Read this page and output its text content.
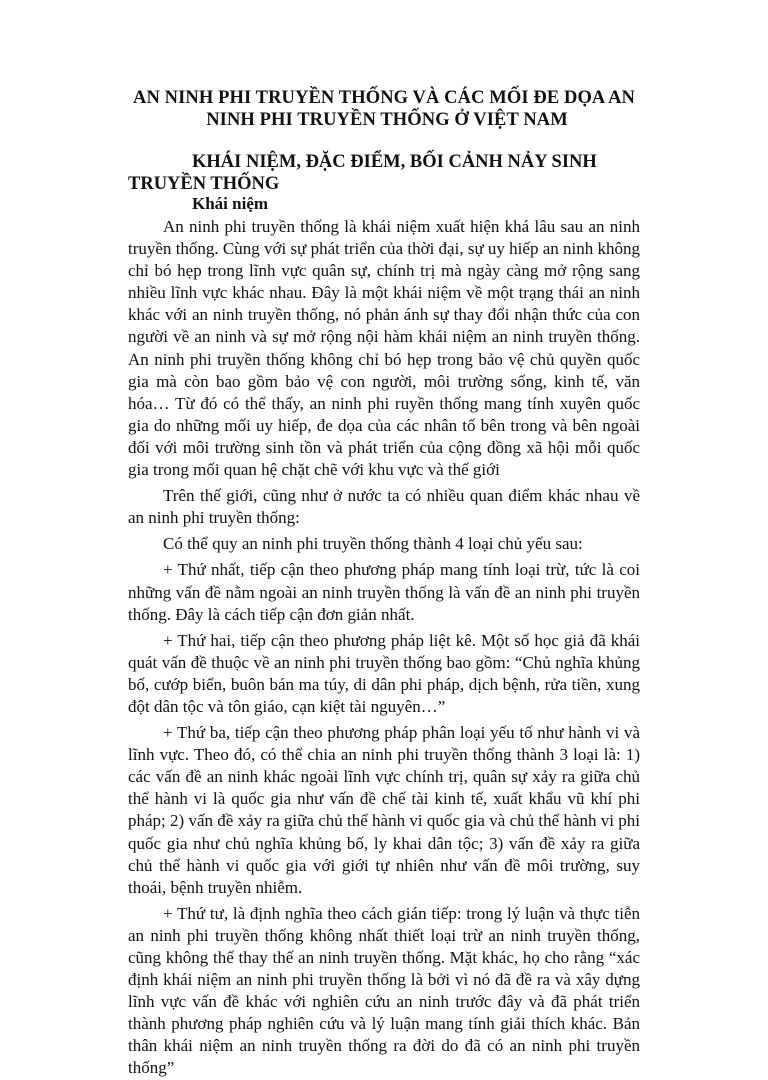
AN NINH PHI TRUYỀN THỐNG VÀ CÁC MỐI ĐE DỌA AN
NINH PHI TRUYỀN THỐNG Ở VIỆT NAM
KHÁI NIỆM, ĐẶC ĐIỂM, BỐI CẢNH NẢY SINH
TRUYỀN THỐNG
Khái niệm

An ninh phi truyền thống là khái niệm xuất hiện khá lâu sau an ninh truyền thống. Cùng với sự phát triển của thời đại, sự uy hiếp an ninh không chỉ bó hẹp trong lĩnh vực quân sự, chính trị mà ngày càng mở rộng sang nhiều lĩnh vực khác nhau. Đây là một khái niệm về một trạng thái an ninh khác với an ninh truyền thống, nó phản ánh sự thay đổi nhận thức của con người về an ninh và sự mở rộng nội hàm khái niệm an ninh truyền thống. An ninh phi truyền thống không chỉ bó hẹp trong bảo vệ chủ quyền quốc gia mà còn bao gồm bảo vệ con người, môi trường sống, kinh tế, văn hóa… Từ đó có thể thấy, an ninh phi ruyền thống mang tính xuyên quốc gia do những mối uy hiếp, đe dọa của các nhân tố bên trong và bên ngoài đối với môi trường sinh tồn và phát triển của cộng đồng xã hội mỗi quốc gia trong mối quan hệ chặt chẽ với khu vực và thế giới

Trên thế giới, cũng như ở nước ta có nhiều quan điểm khác nhau về an ninh phi truyền thống:

Có thể quy an ninh phi truyền thống thành 4 loại chủ yếu sau:

+ Thứ nhất, tiếp cận theo phương pháp mang tính loại trừ, tức là coi những vấn đề nằm ngoài an ninh truyền thống là vấn đề an ninh phi truyền thống. Đây là cách tiếp cận đơn giản nhất.

+ Thứ hai, tiếp cận theo phương pháp liệt kê. Một số học giả đã khái quát vấn đề thuộc về an ninh phi truyền thống bao gồm: “Chủ nghĩa khủng bố, cướp biển, buôn bán ma túy, di dân phi pháp, dịch bệnh, rửa tiền, xung đột dân tộc và tôn giáo, cạn kiệt tài nguyên…”

+ Thứ ba, tiếp cận theo phương pháp phân loại yếu tố như hành vi và lĩnh vực. Theo đó, có thể chia an ninh phi truyền thống thành 3 loại là: 1) các vấn đề an ninh khác ngoài lĩnh vực chính trị, quân sự xảy ra giữa chủ thể hành vi là quốc gia như vấn đề chế tài kinh tế, xuất khẩu vũ khí phi pháp; 2) vấn đề xảy ra giữa chủ thể hành vi quốc gia và chủ thể hành vi phi quốc gia như chủ nghĩa khủng bố, ly khai dân tộc; 3) vấn đề xảy ra giữa chủ thể hành vi quốc gia với giới tự nhiên như vấn đề môi trường, suy thoái, bệnh truyền nhiễm.

+ Thứ tư, là định nghĩa theo cách gián tiếp: trong lý luận và thực tiễn an ninh phi truyền thống không nhất thiết loại trừ an ninh truyền thống, cũng không thể thay thế an ninh truyền thống. Mặt khác, họ cho rằng “xác định khái niệm an ninh phi truyền thống là bởi vì nó đã đề ra và xây dựng lĩnh vực vấn đề khác với nghiên cứu an ninh trước đây và đã phát triển thành phương pháp nghiên cứu và lý luận mang tính giải thích khác. Bản thân khái niệm an ninh truyền thống ra đời do đã có an ninh phi truyền thống”
